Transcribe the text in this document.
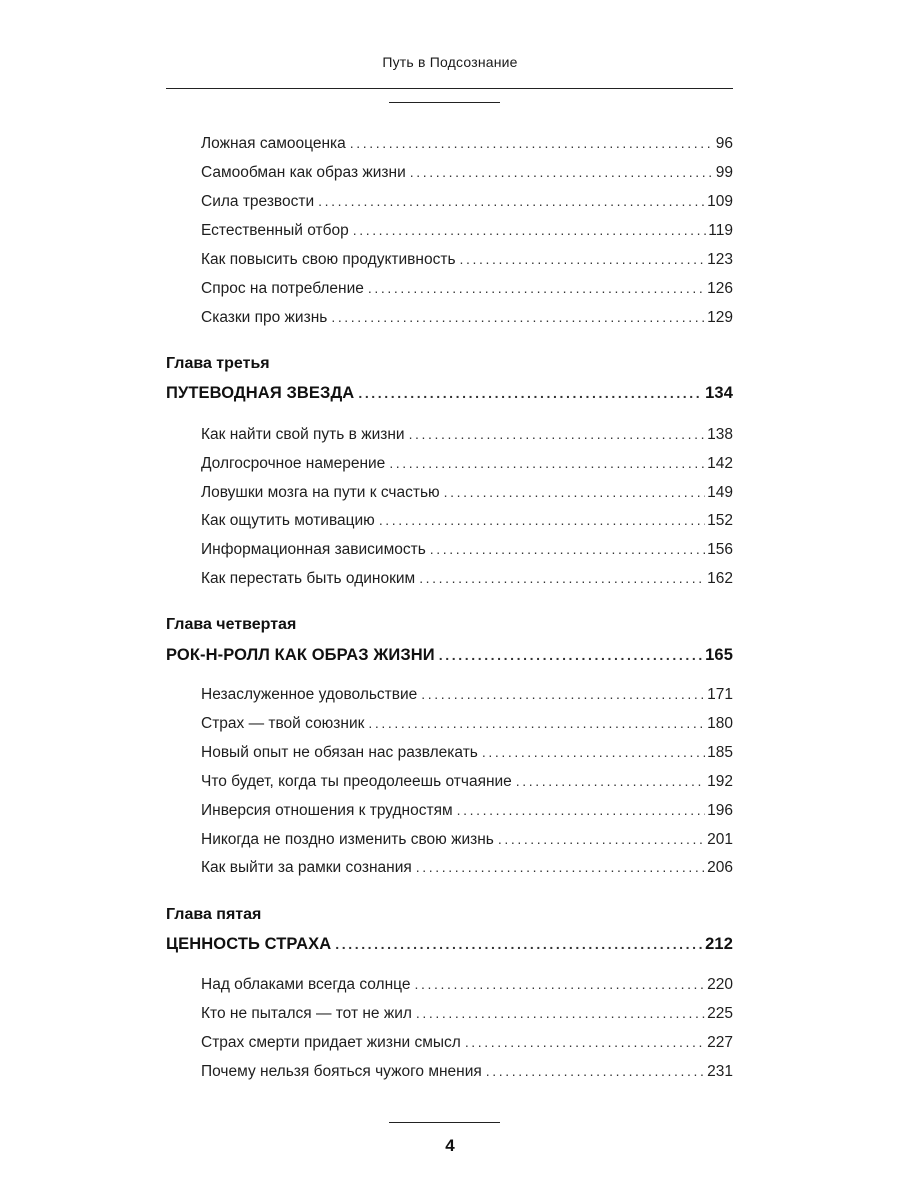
Путь в Подсознание
Ложная самооценка .....	96
Самообман как образ жизни .....	99
Сила трезвости .....	109
Естественный отбор .....	119
Как повысить свою продуктивность .....	123
Спрос на потребление .....	126
Сказки про жизнь .....	129
Глава третья
ПУТЕВОДНАЯ ЗВЕЗДА .....	134
Как найти свой путь в жизни .....	138
Долгосрочное намерение .....	142
Ловушки мозга на пути к счастью .....	149
Как ощутить мотивацию .....	152
Информационная зависимость .....	156
Как перестать быть одиноким .....	162
Глава четвертая
РОК-Н-РОЛЛ КАК ОБРАЗ ЖИЗНИ .....	165
Незаслуженное удовольствие .....	171
Страх — твой союзник .....	180
Новый опыт не обязан нас развлекать .....	185
Что будет, когда ты преодолеешь отчаяние .....	192
Инверсия отношения к трудностям .....	196
Никогда не поздно изменить свою жизнь .....	201
Как выйти за рамки сознания .....	206
Глава пятая
ЦЕННОСТЬ СТРАХА .....	212
Над облаками всегда солнце .....	220
Кто не пытался — тот не жил .....	225
Страх смерти придает жизни смысл .....	227
Почему нельзя бояться чужого мнения .....	231
4
